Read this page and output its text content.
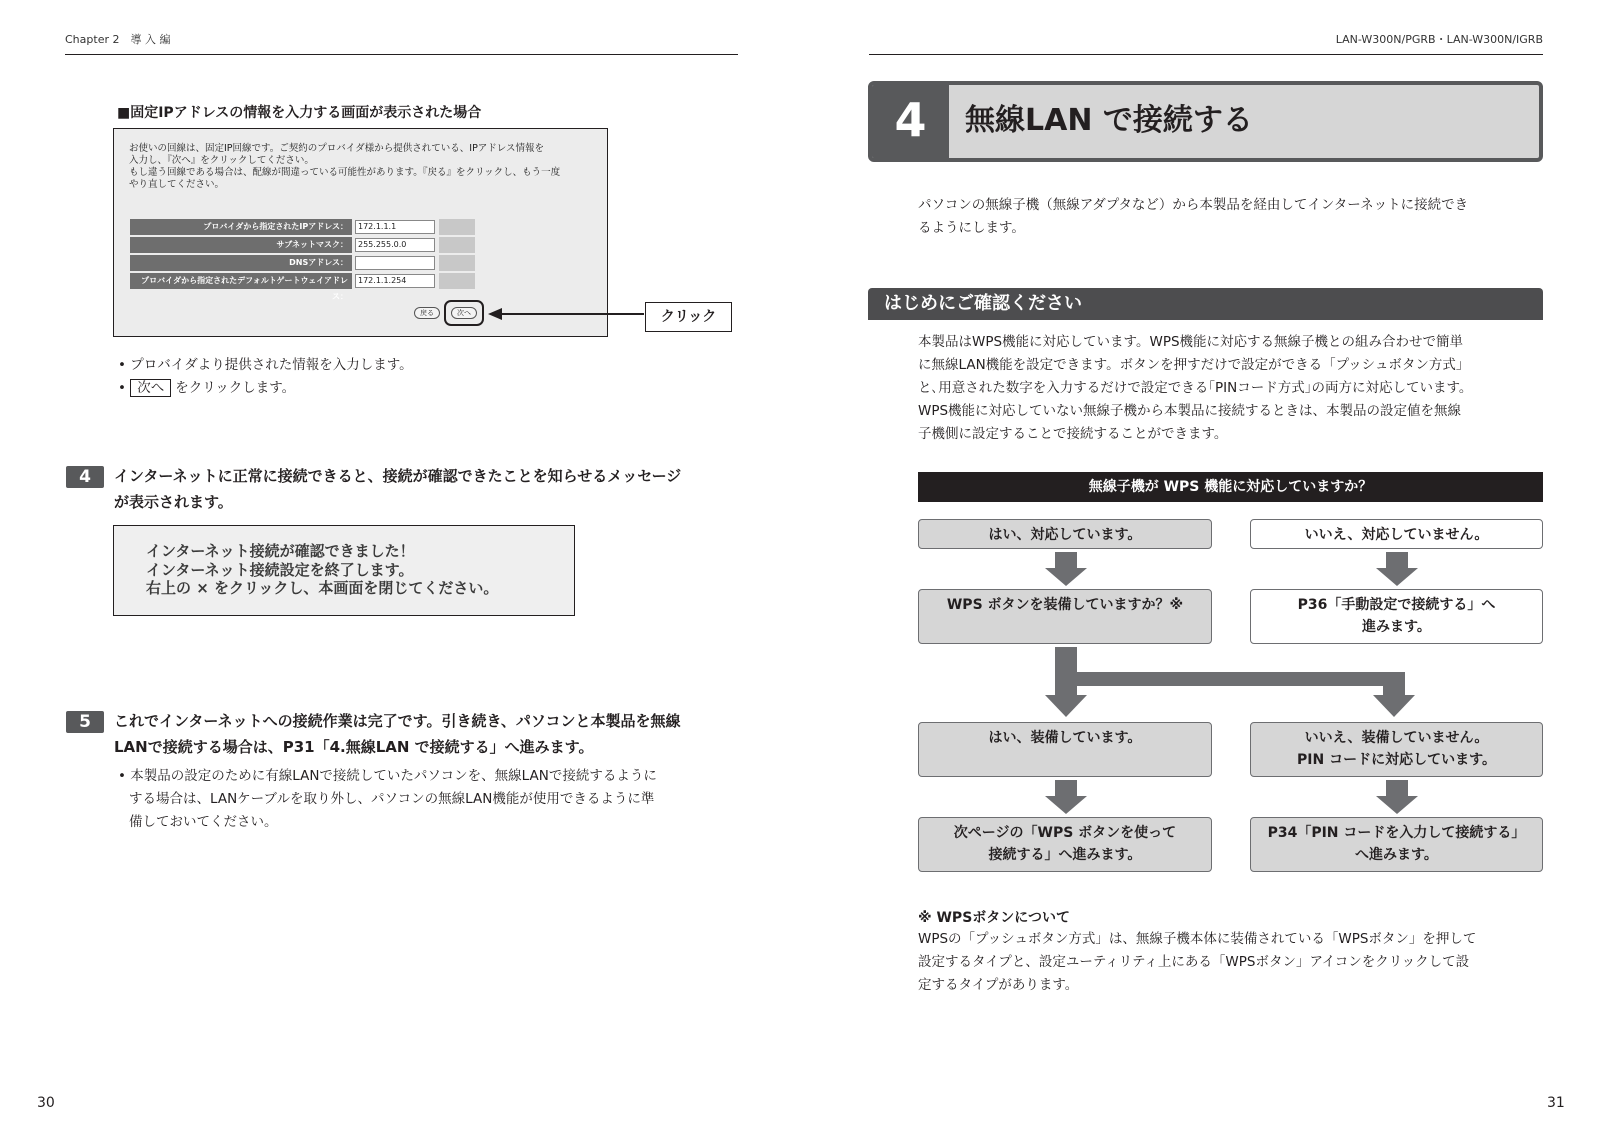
Chapter 2　導 入 編	LAN-W300N/PGRB・LAN-W300N/IGRB
■固定IPアドレスの情報を入力する画面が表示された場合
お使いの回線は、固定IP回線です。ご契約のプロバイダ様から提供されている、IPアドレス情報を
入力し、『次へ』をクリックしてください。
もし違う回線である場合は、配線が間違っている可能性があります。『戻る』をクリックし、もう一度
やり直してください。
プロバイダから指定されたIPアドレス：	172.1.1.1
サブネットマスク：	255.255.0.0
DNSアドレス：
プロバイダから指定されたデフォルトゲートウェイアドレス：
172.1.1.254
戻る	次へ	クリック
• プロバイダより提供された情報を入力します。
• 次へ をクリックします。
4	インターネットに正常に接続できると、接続が確認できたことを知らせるメッセージ
が表示されます。
インターネット接続が確認できました！
インターネット接続設定を終了します。
右上の × をクリックし、本画面を閉じてください。
5	これでインターネットへの接続作業は完了です。引き続き、パソコンと本製品を無線
LANで接続する場合は、P31「4.無線LAN で接続する」へ進みます。
• 本製品の設定のために有線LANで接続していたパソコンを、無線LANで接続するように
する場合は、LANケーブルを取り外し、パソコンの無線LAN機能が使用できるように準
備しておいてください。
30
4	無線LAN で接続する
パソコンの無線子機（無線アダプタなど）から本製品を経由してインターネットに接続でき
るようにします。
はじめにご確認ください
本製品はWPS機能に対応しています。WPS機能に対応する無線子機との組み合わせで簡単
に無線LAN機能を設定できます。ボタンを押すだけで設定ができる「プッシュボタン方式」
と､用意された数字を入力するだけで設定できる｢PINコード方式｣の両方に対応しています。
WPS機能に対応していない無線子機から本製品に接続するときは、本製品の設定値を無線
子機側に設定することで接続することができます。
無線子機が WPS 機能に対応していますか？
はい、対応しています。	いいえ、対応していません。
WPS ボタンを装備していますか？※	P36「手動設定で接続する」へ
進みます。
はい、装備しています。	いいえ、装備していません。
PIN コードに対応しています。
次ページの「WPS ボタンを使って
接続する」へ進みます。
P34「PIN コードを入力して接続する」
へ進みます。
※ WPSボタンについて
WPSの「プッシュボタン方式」は、無線子機本体に装備されている「WPSボタン」を押して
設定するタイプと、設定ユーティリティ上にある「WPSボタン」アイコンをクリックして設
定するタイプがあります。
31
